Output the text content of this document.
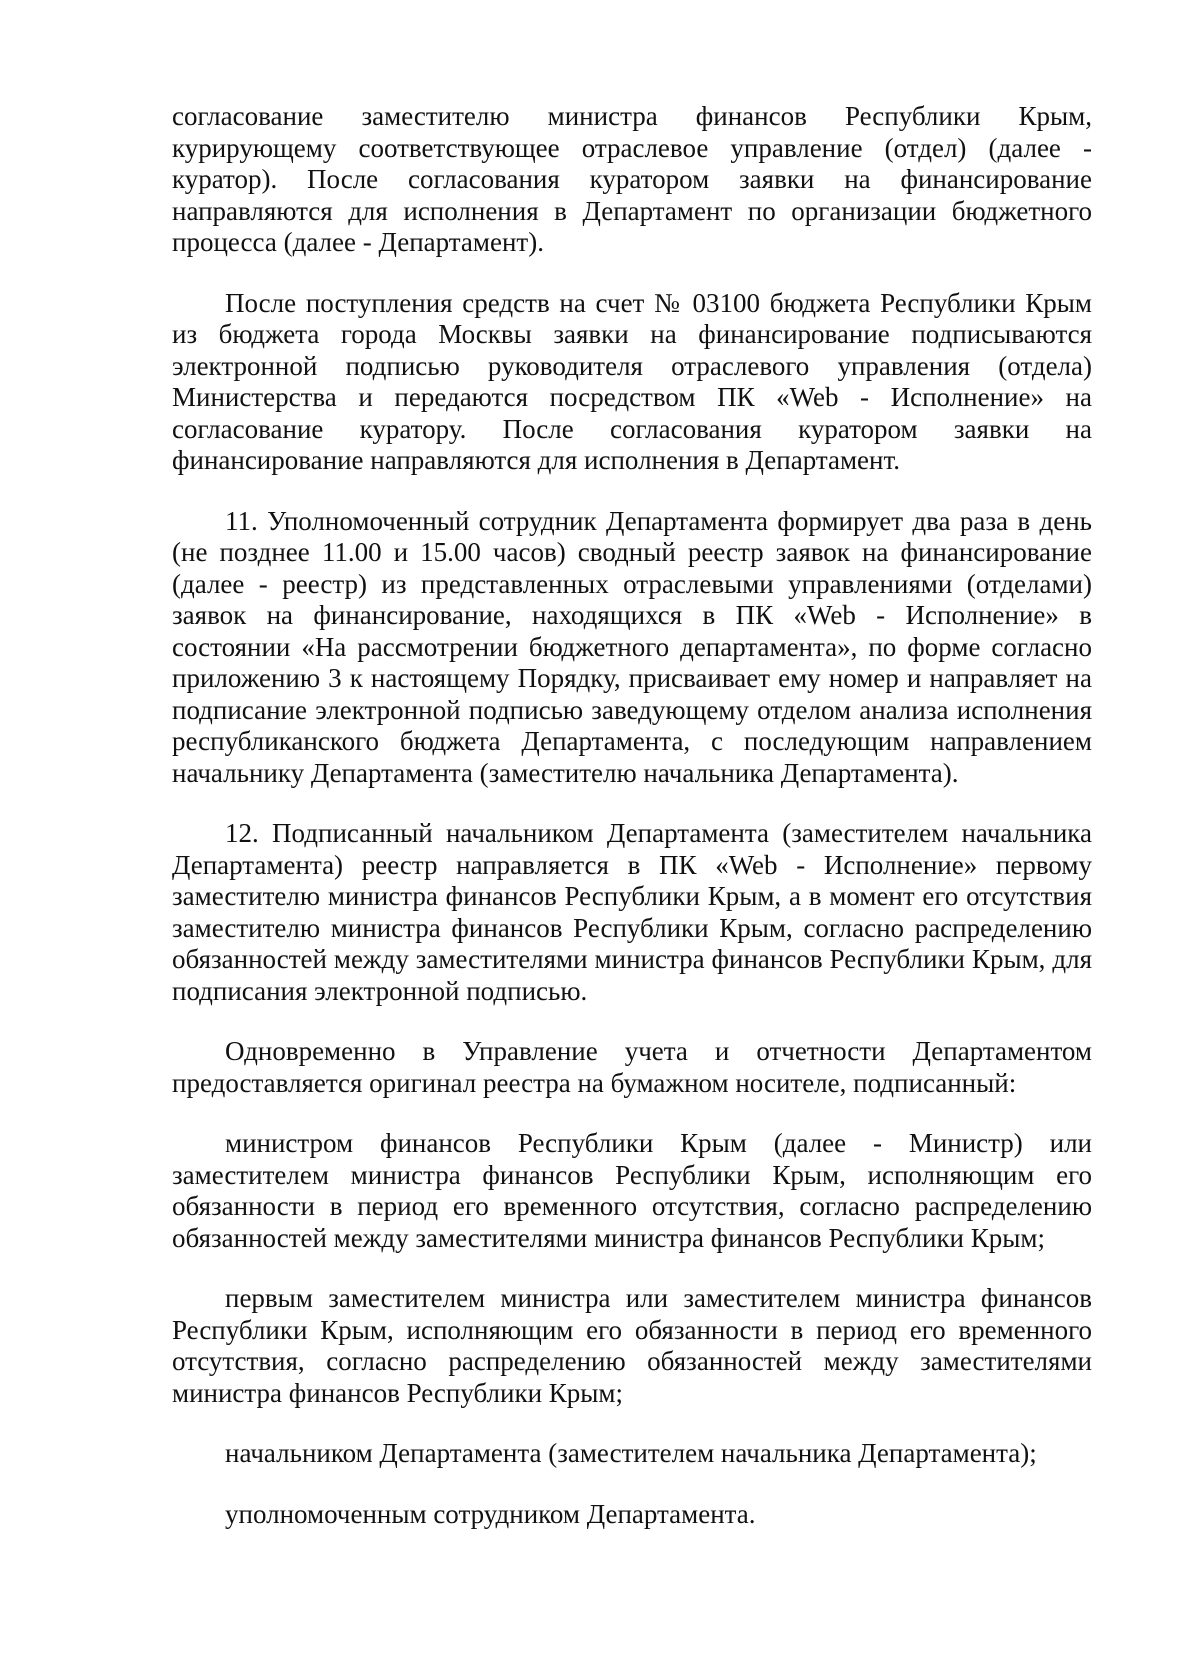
согласование заместителю министра финансов Республики Крым, курирующему соответствующее отраслевое управление (отдел) (далее - куратор). После согласования куратором заявки на финансирование направляются для исполнения в Департамент по организации бюджетного процесса (далее - Департамент).

После поступления средств на счет № 03100 бюджета Республики Крым из бюджета города Москвы заявки на финансирование подписываются электронной подписью руководителя отраслевого управления (отдела) Министерства и передаются посредством ПК «Web - Исполнение» на согласование куратору. После согласования куратором заявки на финансирование направляются для исполнения в Департамент.

11. Уполномоченный сотрудник Департамента формирует два раза в день (не позднее 11.00 и 15.00 часов) сводный реестр заявок на финансирование (далее - реестр) из представленных отраслевыми управлениями (отделами) заявок на финансирование, находящихся в ПК «Web - Исполнение» в состоянии «На рассмотрении бюджетного департамента», по форме согласно приложению 3 к настоящему Порядку, присваивает ему номер и направляет на подписание электронной подписью заведующему отделом анализа исполнения республиканского бюджета Департамента, с последующим направлением начальнику Департамента (заместителю начальника Департамента).

12. Подписанный начальником Департамента (заместителем начальника Департамента) реестр направляется в ПК «Web - Исполнение» первому заместителю министра финансов Республики Крым, а в момент его отсутствия заместителю министра финансов Республики Крым, согласно распределению обязанностей между заместителями министра финансов Республики Крым, для подписания электронной подписью.

Одновременно в Управление учета и отчетности Департаментом предоставляется оригинал реестра на бумажном носителе, подписанный:

министром финансов Республики Крым (далее - Министр) или заместителем министра финансов Республики Крым, исполняющим его обязанности в период его временного отсутствия, согласно распределению обязанностей между заместителями министра финансов Республики Крым;

первым заместителем министра или заместителем министра финансов Республики Крым, исполняющим его обязанности в период его временного отсутствия, согласно распределению обязанностей между заместителями министра финансов Республики Крым;

начальником Департамента (заместителем начальника Департамента);

уполномоченным сотрудником Департамента.
